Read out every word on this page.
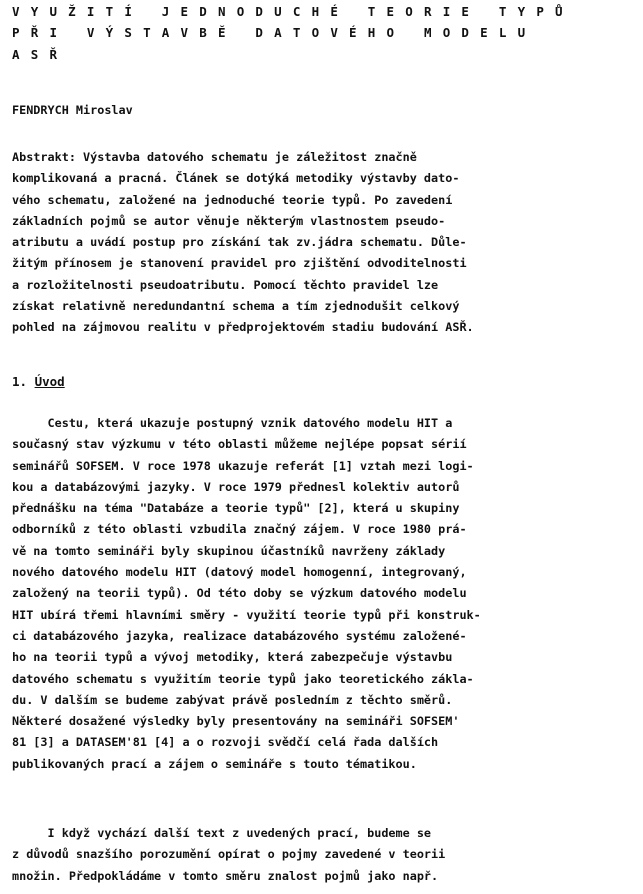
VYUŽITÍ JEDNODUCHÉ TEORIE TYPŮ
PŘI VÝSTAVBĚ DATOVÉHO MODELU
ASŘ
FENDRYCH Miroslav
Abstrakt: Výstavba datového schematu je záležitost značně
komplikovaná a pracná. Článek se dotýká metodiky výstavby dato-
vého schematu, založené na jednoduché teorie typů. Po zavedení
základních pojmů se autor věnuje některým vlastnostem pseudo-
atributu a uvádí postup pro získání tak zv.jádra schematu. Důle-
žitým přínosem je stanovení pravidel pro zjištění odvoditelnosti
a rozložitelnosti pseudoatributu. Pomocí těchto pravidel lze
získat relativně neredundantní schema a tím zjednodušit celkový
pohled na zájmovou realitu v předprojektovém stadiu budování ASŘ.
1. Úvod
Cestu, která ukazuje postupný vznik datového modelu HIT a
současný stav výzkumu v této oblasti můžeme nejlépe popsat sérií
seminářů SOFSEM. V roce 1978 ukazuje referát [1] vztah mezi logi-
kou a databázovými jazyky. V roce 1979 přednesl kolektiv autorů
přednášku na téma "Databáze a teorie typů" [2], která u skupiny
odborníků z této oblasti vzbudila značný zájem. V roce 1980 prá-
vě na tomto semináři byly skupinou účastníků navrženy základy
nového datového modelu HIT (datový model homogenní, integrovaný,
založený na teorii typů). Od této doby se výzkum datového modelu
HIT ubírá třemi hlavními směry - využití teorie typů při konstruk-
ci databázového jazyka, realizace databázového systému založené-
ho na teorii typů a vývoj metodiky, která zabezpečuje výstavbu
datového schematu s využitím teorie typů jako teoretického zákla-
du. V dalším se budeme zabývat právě posledním z těchto směrů.
Některé dosažené výsledky byly presentovány na semináři SOFSEM'
81 [3] a DATASEM'81 [4] a o rozvoji svědčí celá řada dalších
publikovaných prací a zájem o semináře s touto tématikou.
I když vychází další text z uvedených prací, budeme se
z důvodů snazšího porozumění opírat o pojmy zavedené v teorii
množin. Předpokládáme v tomto směru znalost pojmů jako např.
